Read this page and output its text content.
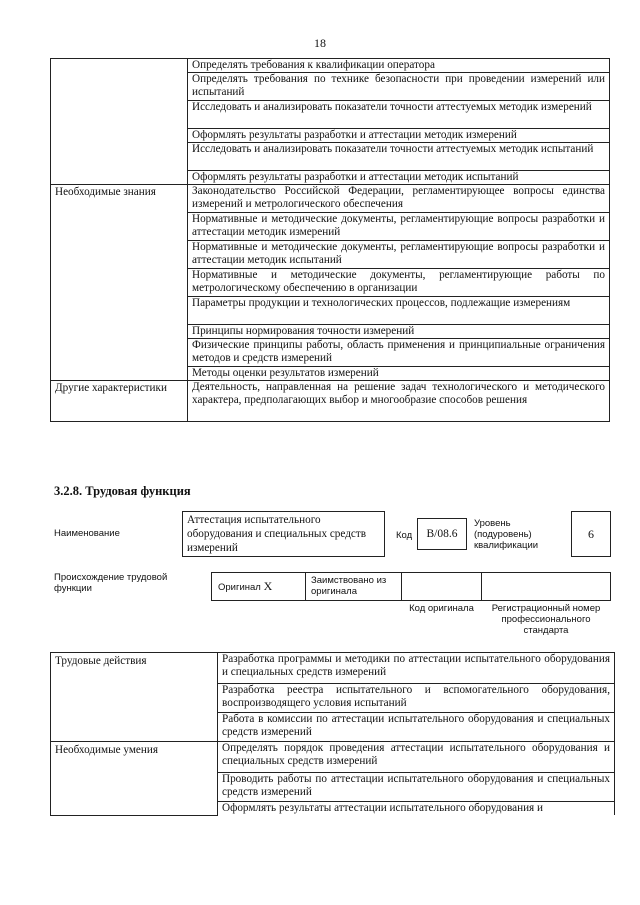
18
	Определять требования к квалификации оператора
	Определять требования по технике безопасности при проведении измерений или испытаний
	Исследовать и анализировать показатели точности аттестуемых методик измерений
	Оформлять результаты разработки и аттестации методик измерений
	Исследовать и анализировать показатели точности аттестуемых методик испытаний
	Оформлять результаты разработки и аттестации методик испытаний
Необходимые знания	Законодательство Российской Федерации, регламентирующее вопросы единства измерений и метрологического обеспечения
	Нормативные и методические документы, регламентирующие вопросы разработки и аттестации методик измерений
	Нормативные и методические документы, регламентирующие вопросы разработки и аттестации методик испытаний
	Нормативные и методические документы, регламентирующие работы по метрологическому обеспечению в организации
	Параметры продукции и технологических процессов, подлежащие измерениям
	Принципы нормирования точности измерений
	Физические принципы работы, область применения и принципиальные ограничения методов и средств измерений
	Методы оценки результатов измерений
Другие характеристики	Деятельность, направленная на решение задач технологического и методического характера, предполагающих выбор и многообразие способов решения
3.2.8. Трудовая функция
Наименование
Аттестация испытательного оборудования и специальных средств измерений
Код	B/08.6
Уровень (подуровень) квалификации
6
Происхождение трудовой функции	Оригинал X	Заимствовано из оригинала
Код оригинала	Регистрационный номер профессионального стандарта
Трудовые действия	Разработка программы и методики по аттестации испытательного оборудования и специальных средств измерений
	Разработка реестра испытательного и вспомогательного оборудования, воспроизводящего условия испытаний
	Работа в комиссии по аттестации испытательного оборудования и специальных средств измерений
Необходимые умения	Определять порядок проведения аттестации испытательного оборудования и специальных средств измерений
	Проводить работы по аттестации испытательного оборудования и специальных средств измерений
	Оформлять результаты аттестации испытательного оборудования и
